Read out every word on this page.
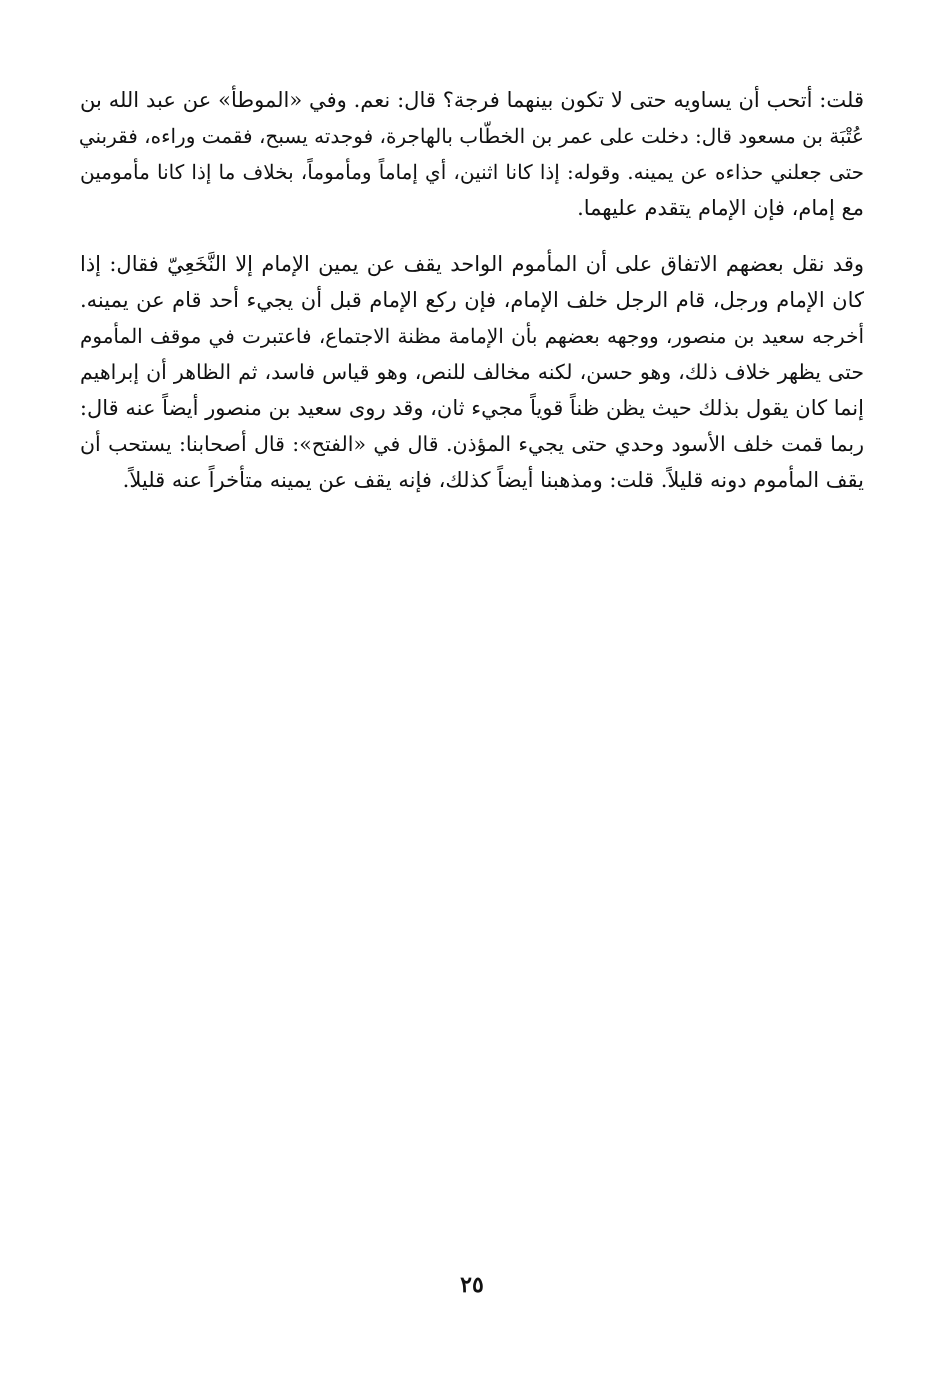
قلت: أتحب أن يساويه حتى لا تكون بينهما فرجة؟ قال: نعم. وفي «الموطأ» عن عبد الله بن
عُتْبَة بن مسعود قال: دخلت على عمر بن الخطّاب بالهاجرة، فوجدته يسبح، فقمت وراءه، فقربني
حتى جعلني حذاءه عن يمينه. وقوله: إذا كانا اثنين، أي إماماً ومأموماً، بخلاف ما إذا كانا مأمومين
مع إمام، فإن الإمام يتقدم عليهما.
وقد نقل بعضهم الاتفاق على أن المأموم الواحد يقف عن يمين الإمام إلا النَّخَعِيّ فقال: إذا
كان الإمام ورجل، قام الرجل خلف الإمام، فإن ركع الإمام قبل أن يجيء أحد قام عن يمينه.
أخرجه سعيد بن منصور، ووجهه بعضهم بأن الإمامة مظنة الاجتماع، فاعتبرت في موقف المأموم
حتى يظهر خلاف ذلك، وهو حسن، لكنه مخالف للنص، وهو قياس فاسد، ثم الظاهر أن إبراهيم
إنما كان يقول بذلك حيث يظن ظناً قوياً مجيء ثان، وقد روى سعيد بن منصور أيضاً عنه قال:
ربما قمت خلف الأسود وحدي حتى يجيء المؤذن. قال في «الفتح»: قال أصحابنا: يستحب أن
يقف المأموم دونه قليلاً. قلت: ومذهبنا أيضاً كذلك، فإنه يقف عن يمينه متأخراً عنه قليلاً.
٢٥
